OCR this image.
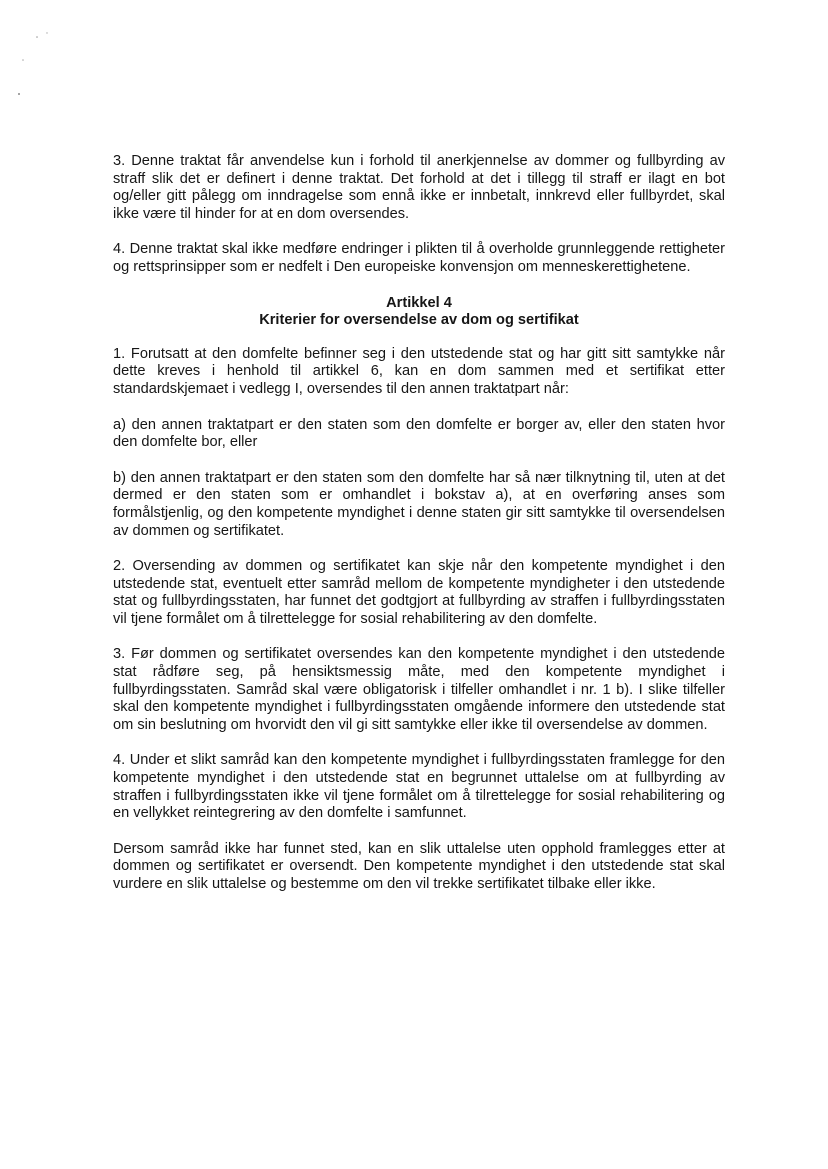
3. Denne traktat får anvendelse kun i forhold til anerkjennelse av dommer og fullbyrding av straff slik det er definert i denne traktat. Det forhold at det i tillegg til straff er ilagt en bot og/eller gitt pålegg om inndragelse som ennå ikke er innbetalt, innkrevd eller fullbyrdet, skal ikke være til hinder for at en dom oversendes.

4. Denne traktat skal ikke medføre endringer i plikten til å overholde grunnleggende rettigheter og rettsprinsipper som er nedfelt i Den europeiske konvensjon om menneskerettighetene.

Artikkel 4
Kriterier for oversendelse av dom og sertifikat

1. Forutsatt at den domfelte befinner seg i den utstedende stat og har gitt sitt samtykke når dette kreves i henhold til artikkel 6, kan en dom sammen med et sertifikat etter standardskjemaet i vedlegg I, oversendes til den annen traktatpart når:

a) den annen traktatpart er den staten som den domfelte er borger av, eller den staten hvor den domfelte bor, eller

b) den annen traktatpart er den staten som den domfelte har så nær tilknytning til, uten at det dermed er den staten som er omhandlet i bokstav a), at en overføring anses som formålstjenlig, og den kompetente myndighet i denne staten gir sitt samtykke til oversendelsen av dommen og sertifikatet.

2. Oversending av dommen og sertifikatet kan skje når den kompetente myndighet i den utstedende stat, eventuelt etter samråd mellom de kompetente myndigheter i den utstedende stat og fullbyrdingsstaten, har funnet det godtgjort at fullbyrding av straffen i fullbyrdingsstaten vil tjene formålet om å tilrettelegge for sosial rehabilitering av den domfelte.

3. Før dommen og sertifikatet oversendes kan den kompetente myndighet i den utstedende stat rådføre seg, på hensiktsmessig måte, med den kompetente myndighet i fullbyrdingsstaten. Samråd skal være obligatorisk i tilfeller omhandlet i nr. 1 b). I slike tilfeller skal den kompetente myndighet i fullbyrdingsstaten omgående informere den utstedende stat om sin beslutning om hvorvidt den vil gi sitt samtykke eller ikke til oversendelse av dommen.

4. Under et slikt samråd kan den kompetente myndighet i fullbyrdingsstaten framlegge for den kompetente myndighet i den utstedende stat en begrunnet uttalelse om at fullbyrding av straffen i fullbyrdingsstaten ikke vil tjene formålet om å tilrettelegge for sosial rehabilitering og en vellykket reintegrering av den domfelte i samfunnet.

Dersom samråd ikke har funnet sted, kan en slik uttalelse uten opphold framlegges etter at dommen og sertifikatet er oversendt. Den kompetente myndighet i den utstedende stat skal vurdere en slik uttalelse og bestemme om den vil trekke sertifikatet tilbake eller ikke.
